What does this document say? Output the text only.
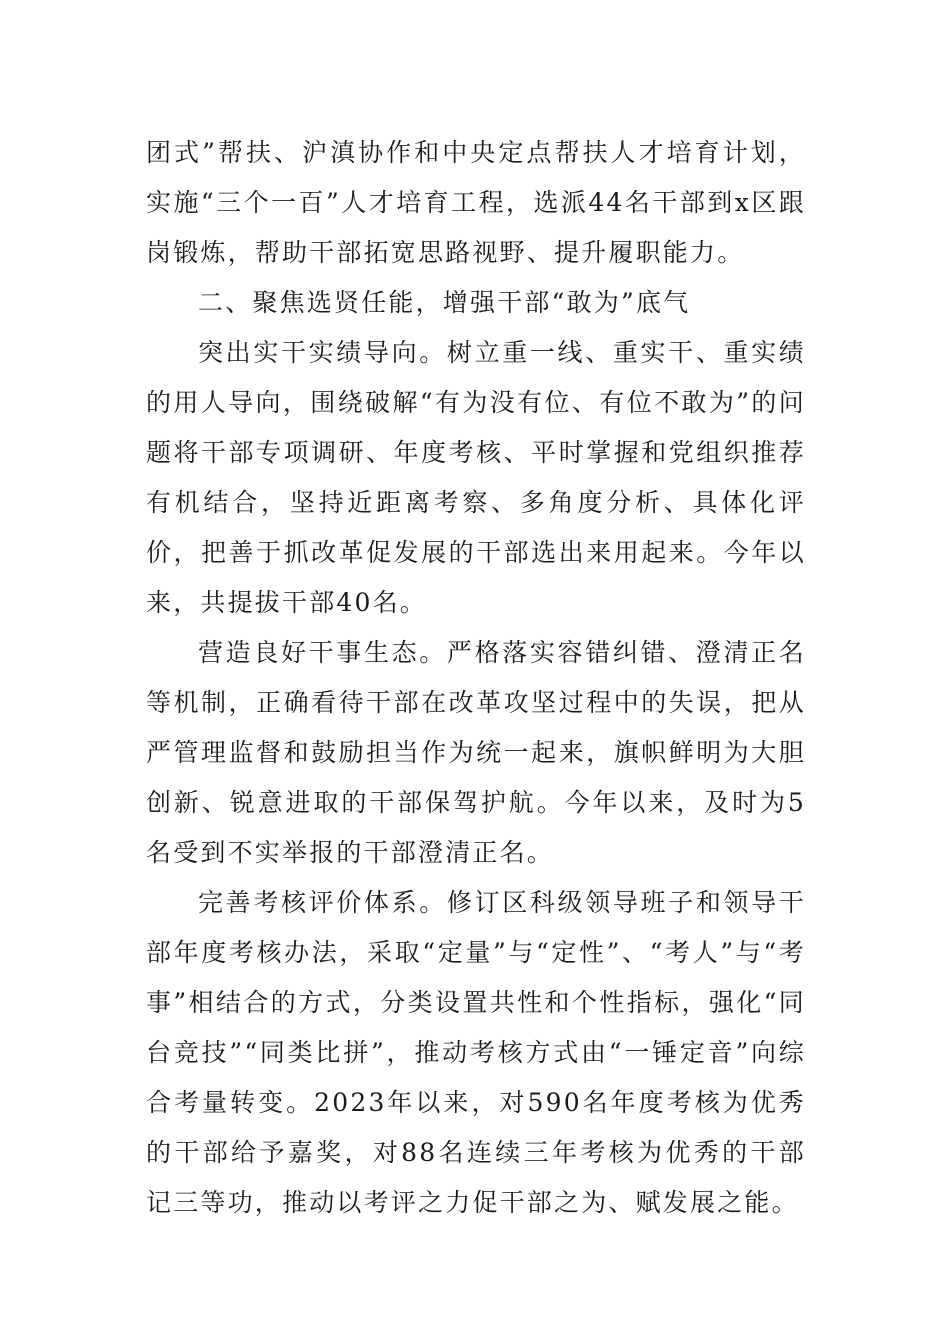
团式”帮扶、沪滇协作和中央定点帮扶人才培育计划，实施“三个一百”人才培育工程，选派44名干部到x区跟岗锻炼，帮助干部拓宽思路视野、提升履职能力。

二、聚焦选贤任能，增强干部“敢为”底气

突出实干实绩导向。树立重一线、重实干、重实绩的用人导向，围绕破解“有为没有位、有位不敢为”的问题将干部专项调研、年度考核、平时掌握和党组织推荐有机结合，坚持近距离考察、多角度分析、具体化评价，把善于抓改革促发展的干部选出来用起来。今年以来，共提拔干部40名。

营造良好干事生态。严格落实容错纠错、澄清正名等机制，正确看待干部在改革攻坚过程中的失误，把从严管理监督和鼓励担当作为统一起来，旗帜鲜明为大胆创新、锐意进取的干部保驾护航。今年以来，及时为5名受到不实举报的干部澄清正名。

完善考核评价体系。修订区科级领导班子和领导干部年度考核办法，采取“定量”与“定性”、“考人”与“考事”相结合的方式，分类设置共性和个性指标，强化“同台竞技”“同类比拼”，推动考核方式由“一锤定音”向综合考量转变。2023年以来，对590名年度考核为优秀的干部给予嘉奖，对88名连续三年考核为优秀的干部记三等功，推动以考评之力促干部之为、赋发展之能。
